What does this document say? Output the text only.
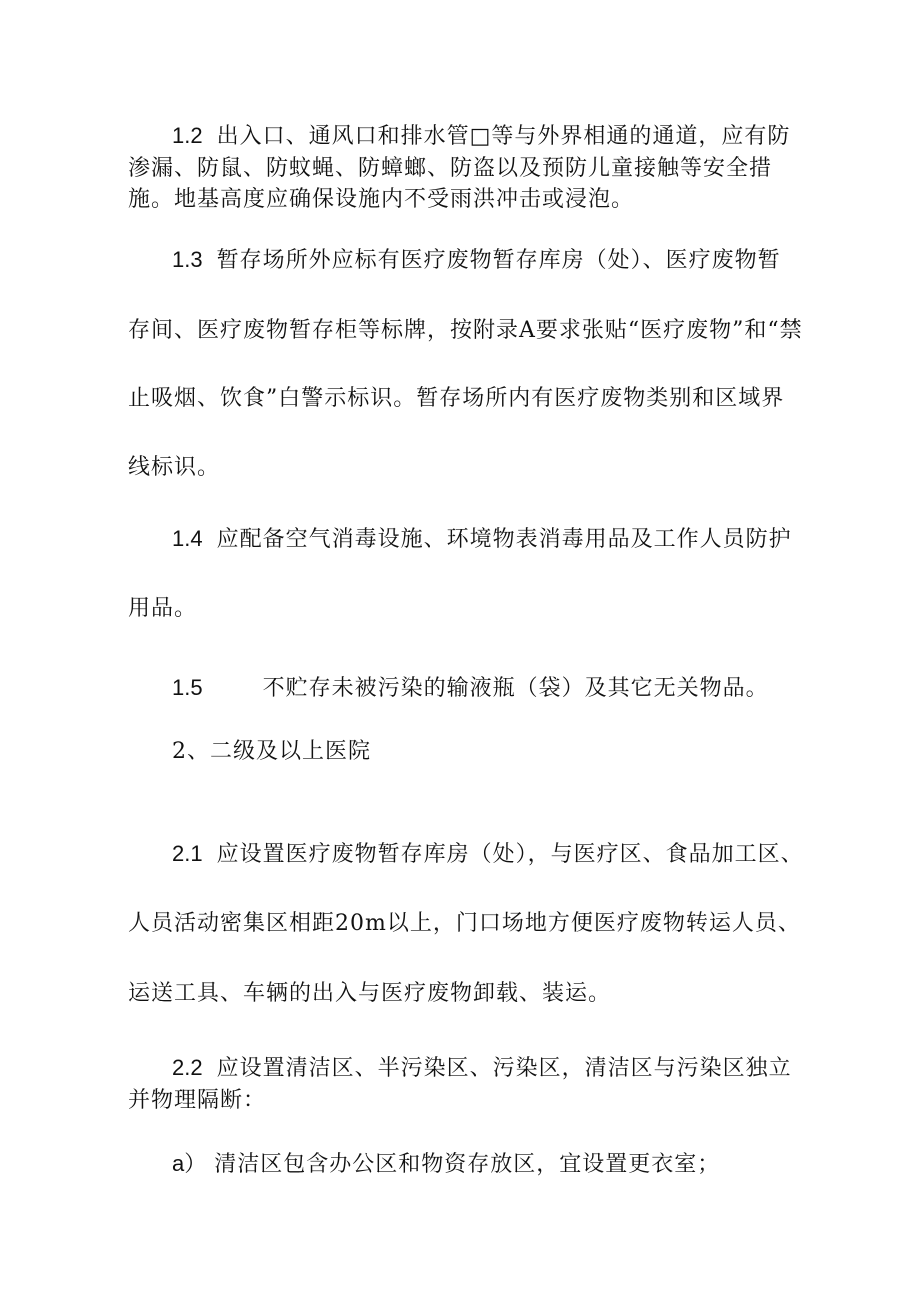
1.2 出入口、通风口和排水管□等与外界相通的通道，应有防
渗漏、防鼠、防蚊蝇、防蟑螂、防盗以及预防儿童接触等安全措
施。地基高度应确保设施内不受雨洪冲击或浸泡。
1.3 暂存场所外应标有医疗废物暂存库房（处）、医疗废物暂
存间、医疗废物暂存柜等标牌，按附录A要求张贴“医疗废物”和“禁
止吸烟、饮食”白警示标识。暂存场所内有医疗废物类别和区域界
线标识。
1.4 应配备空气消毒设施、环境物表消毒用品及工作人员防护
用品。
1.5	不贮存未被污染的输液瓶（袋）及其它无关物品。
2、二级及以上医院
2.1 应设置医疗废物暂存库房（处），与医疗区、食品加工区、
人员活动密集区相距20m以上，门口场地方便医疗废物转运人员、
运送工具、车辆的出入与医疗废物卸载、装运。
2.2 应设置清洁区、半污染区、污染区，清洁区与污染区独立
并物理隔断：
a） 清洁区包含办公区和物资存放区，宜设置更衣室；
